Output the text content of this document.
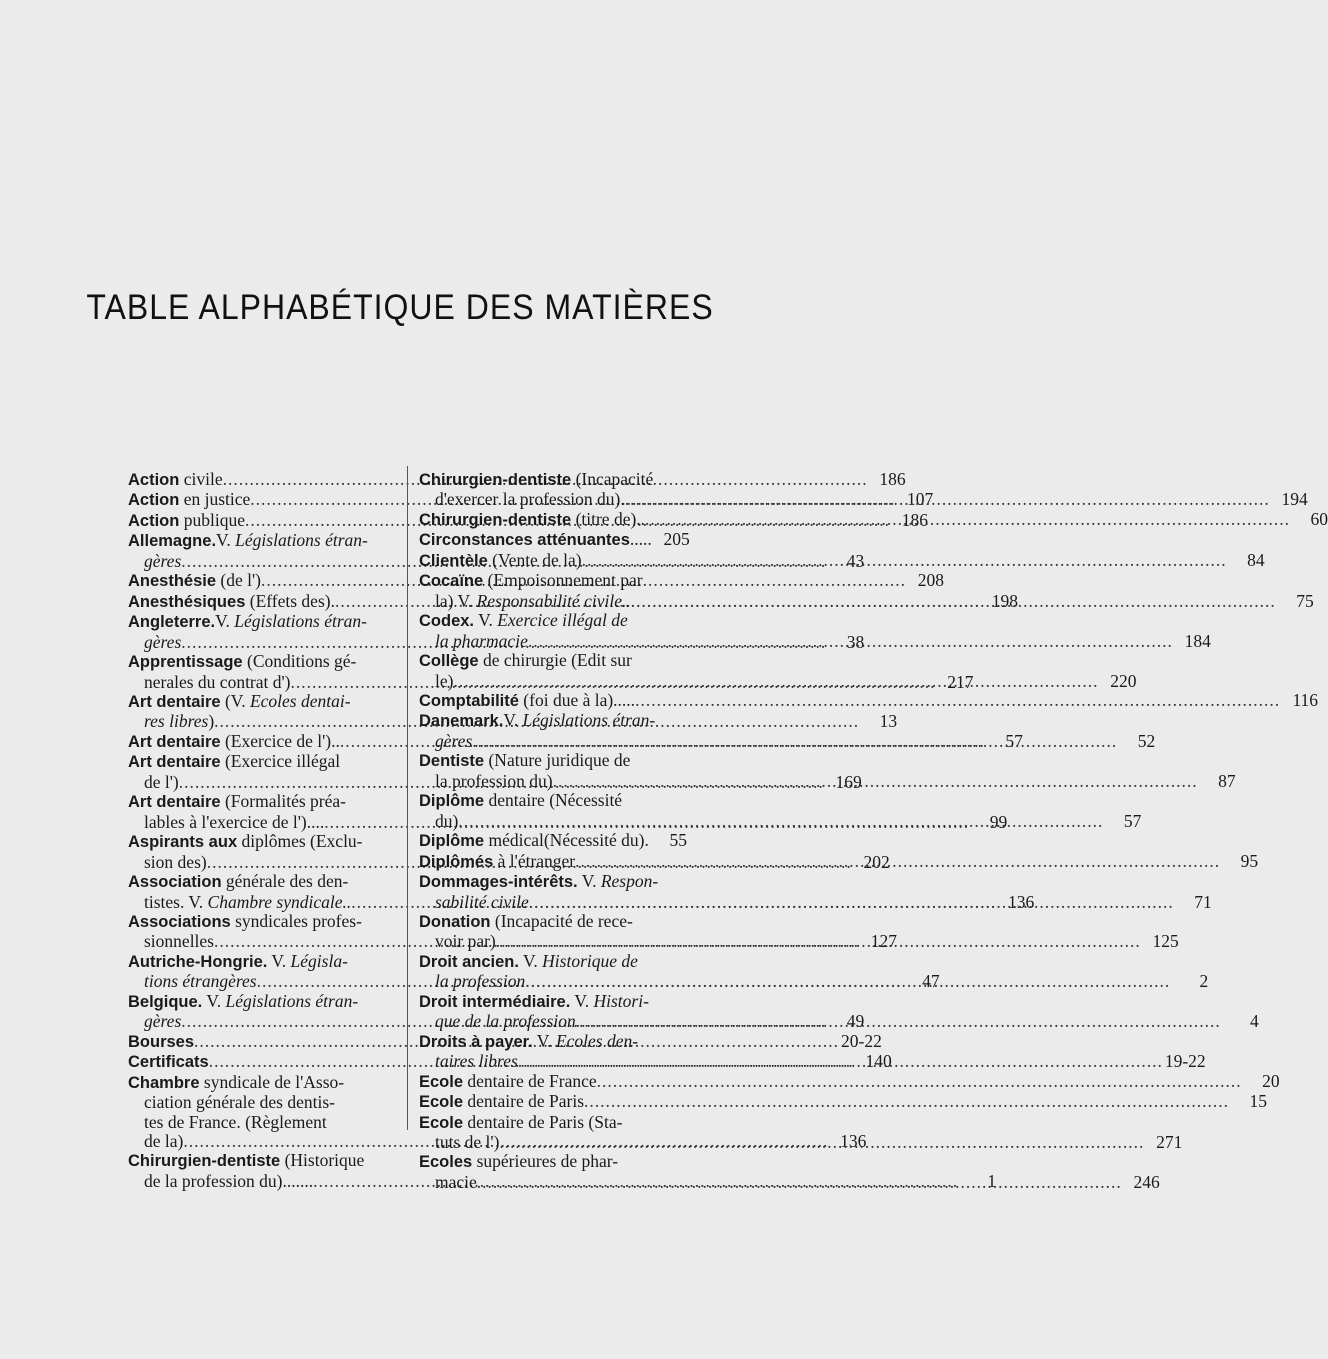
TABLE ALPHABÉTIQUE DES MATIÈRES
Action civile .....	186
Action en justice .....	107
Action publique .....	186
Allemagne. V. Législations étran-
gères .....	43
Anesthésie (de l') .....	208
Anesthésiques (Effets des). .....	198
Angleterre. V. Législations étran-
gères .....	38
Apprentissage (Conditions gé-
nerales du contrat d') .....	217
Art dentaire (V. Ecoles dentai-
res libres ) .....	13
Art dentaire (Exercice de l').. .....	57
Art dentaire (Exercice illégal
de l') .....	169
Art dentaire (Formalités préa-
lables à l'exercice de l').... .....	99
Aspirants aux diplômes (Exclu-
sion des) .....	202
Association générale des den-
tistes. V. Chambre syndicale.. .....	136
Associations syndicales profes-
sionnelles .....	127
Autriche-Hongrie. V. Législa-
tions étrangères .....	47
Belgique. V. Législations étran-
gères .....	49
Bourses .....	20-22
Certificats .....	140
Chambre syndicale de l'Asso-
ciation générale des dentis-
tes de France. (Règlement
de la) .....	136
Chirurgien-dentiste (Historique
de la profession du)....... .....	1
Chirurgien-dentiste (Incapacité
d'exercer la profession du). .....	194
Chirurgien-dentiste (titre de).. .....	60
Circonstances atténuantes ..... 205
Clientèle (Vente de la) .....	84
Cocaïne (Empoisonnement par
la) V. Responsabilité civile.. .....	75
Codex. V. Exercice illégal de
la pharmacie .....	184
Collège de chirurgie (Edit sur
le) .....	220
Comptabilité (foi due à la)..... .....	116
Danemark. V. Législations étran-
gères .....	52
Dentiste (Nature juridique de
la profession du) .....	87
Diplôme dentaire (Nécessité
du) .....	57
Diplôme médical(Nécessité du). .....	55
Diplômés à l'étranger .....	95
Dommages-intérêts. V. Respon-
sabilité civile .....	71
Donation (Incapacité de rece-
voir par) .....	125
Droit ancien. V. Historique de
la profession .....	2
Droit intermédiaire. V. Histori-
que de la profession .....	4
Droits à payer. V. Ecoles den-
taires libres .....	19-22
Ecole dentaire de France .....	20
Ecole dentaire de Paris .....	15
Ecole dentaire de Paris (Sta-
tuts de l') .....	271
Ecoles supérieures de phar-
macie .....	246
